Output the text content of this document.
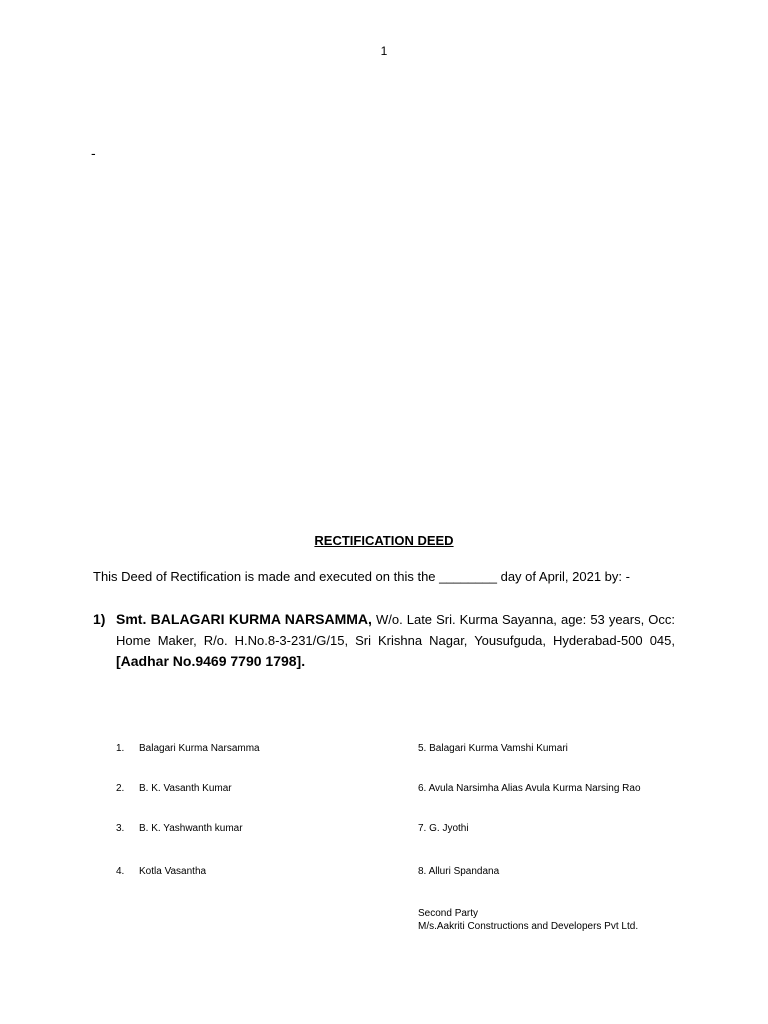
1
-
RECTIFICATION DEED
This Deed of Rectification is made and executed on this the ________ day of April, 2021 by: -
1) Smt. BALAGARI KURMA NARSAMMA, W/o. Late Sri. Kurma Sayanna, age: 53 years, Occ: Home Maker, R/o. H.No.8-3-231/G/15, Sri Krishna Nagar, Yousufguda, Hyderabad-500 045, [Aadhar No.9469 7790 1798].
1. Balagari Kurma Narsamma
2. B. K. Vasanth Kumar
3. B. K. Yashwanth kumar
4. Kotla Vasantha
5. Balagari Kurma Vamshi Kumari
6. Avula Narsimha Alias Avula Kurma Narsing Rao
7. G. Jyothi
8. Alluri Spandana
Second Party
M/s.Aakriti Constructions and Developers Pvt Ltd.
